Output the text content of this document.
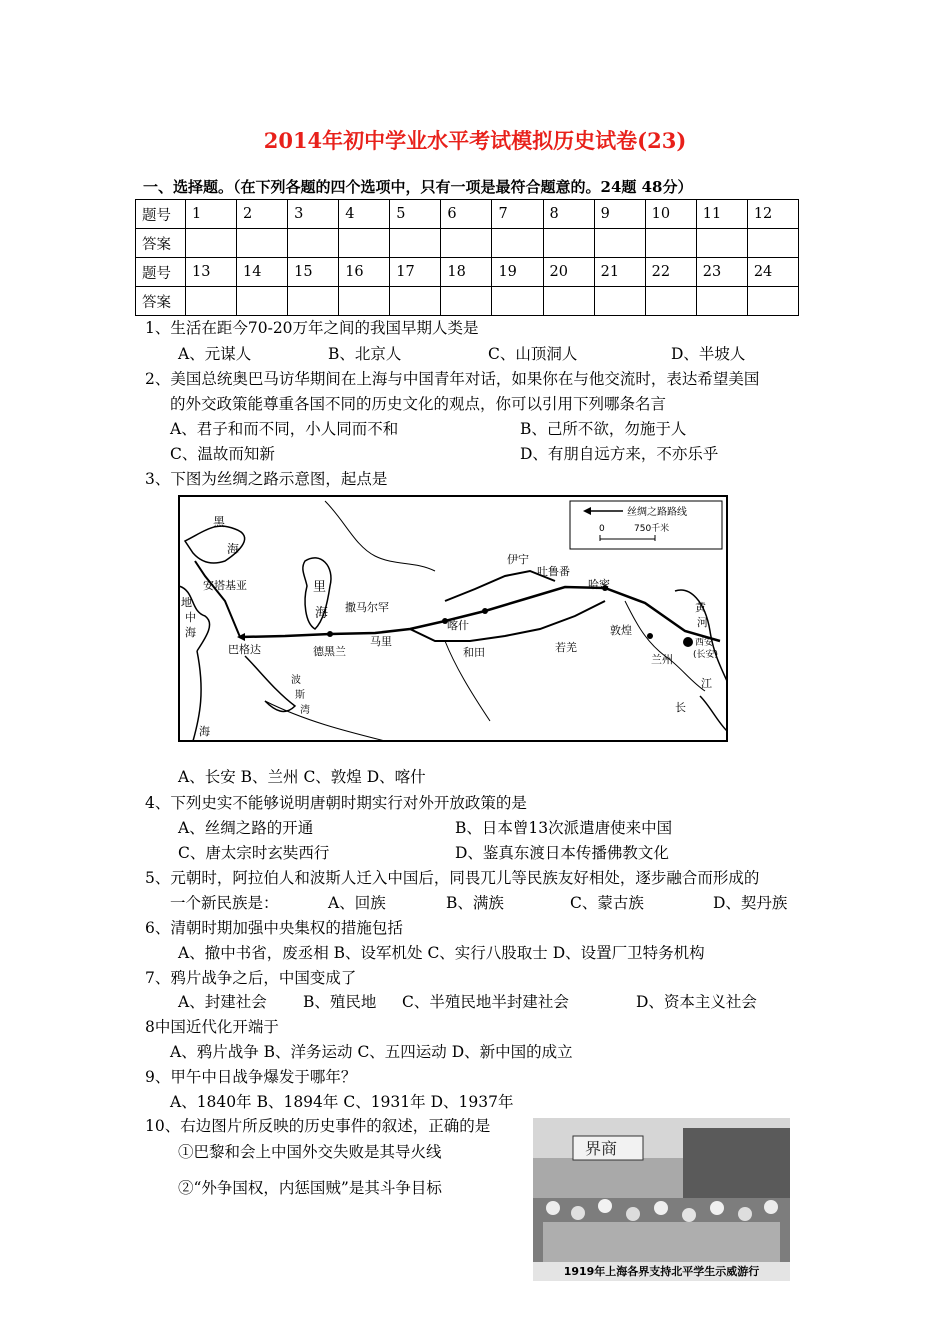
2014年初中学业水平考试模拟历史试卷(23)
一、选择题。（在下列各题的四个选项中，只有一项是最符合题意的。24题 48分）
题号	1	2	3	4	5	6	7	8	9	10	11	12
答案												
题号	13	14	15	16	17	18	19	20	21	22	23	24
答案												
1、生活在距今70-20万年之间的我国早期人类是
A、元谋人	B、北京人	C、山顶洞人	D、半坡人
2、美国总统奥巴马访华期间在上海与中国青年对话，如果你在与他交流时，表达希望美国
的外交政策能尊重各国不同的历史文化的观点，你可以引用下列哪条名言
A、君子和而不同，小人同而不和	B、己所不欲，勿施于人
C、温故而知新	D、有朋自远方来，不亦乐乎
3、下图为丝绸之路示意图，起点是
丝绸之路路线
0	750千米
黑
海
安塔基亚
地
中
海
里
海
巴格达	德黑兰
马里
撒马尔罕
喀什
和田	若羌
敦煌
伊宁
吐鲁番
哈密
兰州
西安
(长安)
波
斯
湾
黄
河
江
长
海
A、长安 B、兰州 C、敦煌 D、喀什
4、下列史实不能够说明唐朝时期实行对外开放政策的是
A、丝绸之路的开通	B、日本曾13次派遣唐使来中国
C、唐太宗时玄奘西行	D、鉴真东渡日本传播佛教文化
5、元朝时，阿拉伯人和波斯人迁入中国后，同畏兀儿等民族友好相处，逐步融合而形成的
一个新民族是：	A、回族	B、满族	C、蒙古族	D、契丹族
6、清朝时期加强中央集权的措施包括
A、撤中书省，废丞相 B、设军机处 C、实行八股取士 D、设置厂卫特务机构
7、鸦片战争之后，中国变成了
A、封建社会 B、殖民地 C、半殖民地半封建社会	D、资本主义社会
8中国近代化开端于
A、鸦片战争 B、洋务运动 C、五四运动 D、新中国的成立
9、甲午中日战争爆发于哪年？
A、1840年 B、1894年 C、1931年 D、1937年
10、右边图片所反映的历史事件的叙述，正确的是
①巴黎和会上中国外交失败是其导火线
②“外争国权，内惩国贼”是其斗争目标
界商
1919年上海各界支持北平学生示威游行
